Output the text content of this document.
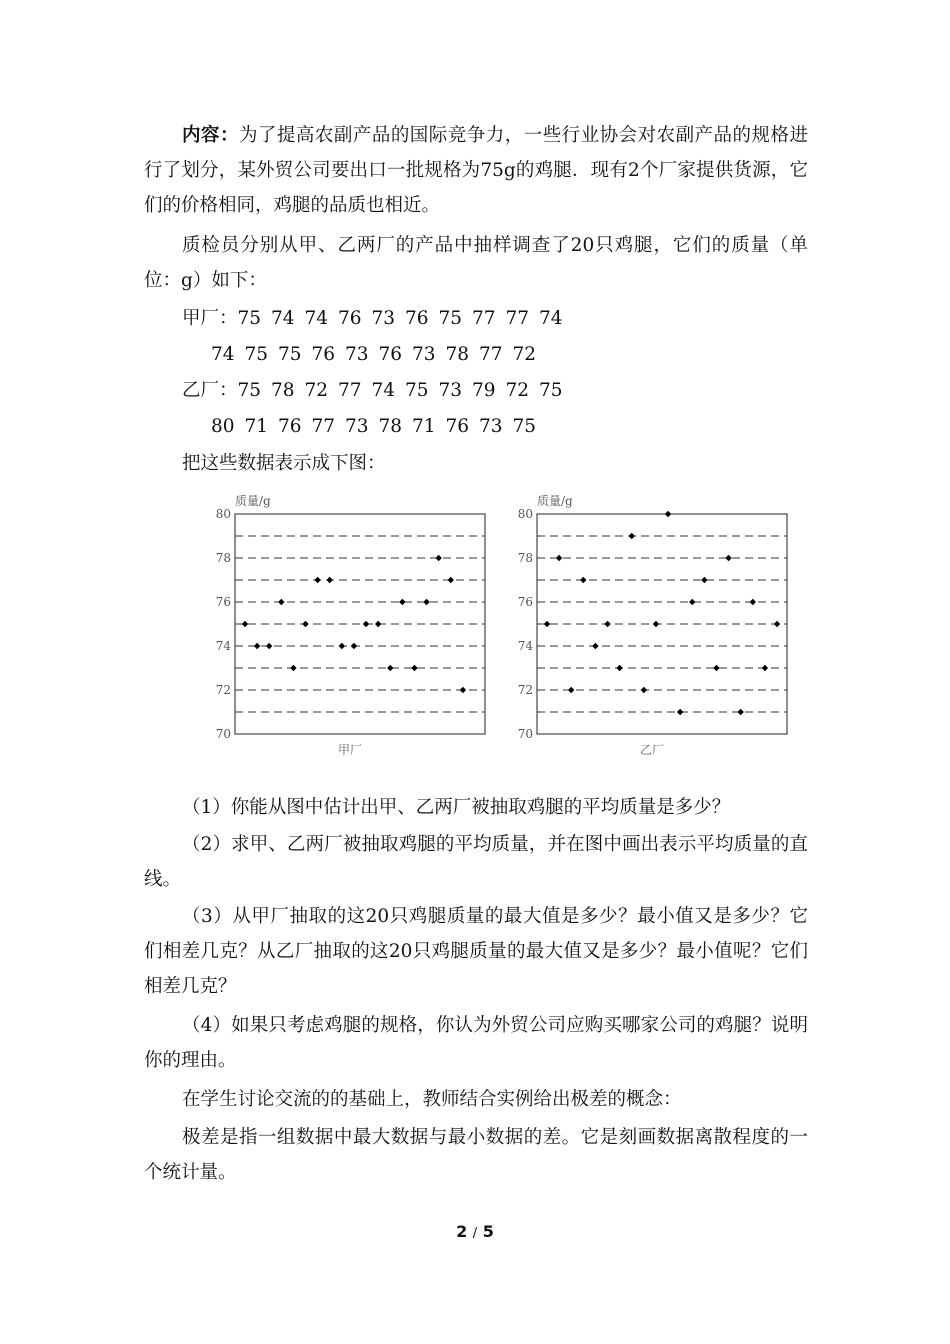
内容：为了提高农副产品的国际竞争力，一些行业协会对农副产品的规格进行了划分，某外贸公司要出口一批规格为75g的鸡腿．现有2个厂家提供货源，它们的价格相同，鸡腿的品质也相近。

质检员分别从甲、乙两厂的产品中抽样调查了20只鸡腿，它们的质量（单位：g）如下：

甲厂：75 74 74 76 73 76 75 77 77 74
74 75 75 76 73 76 73 78 77 72
乙厂：75 78 72 77 74 75 73 79 72 75
80 71 76 77 73 78 71 76 73 75
把这些数据表示成下图：
70
72
74
76
78
80
质量/g
甲厂
70
72
74
76
78
80
质量/g
乙厂

（1）你能从图中估计出甲、乙两厂被抽取鸡腿的平均质量是多少？

（2）求甲、乙两厂被抽取鸡腿的平均质量，并在图中画出表示平均质量的直线。

（3）从甲厂抽取的这20只鸡腿质量的最大值是多少？最小值又是多少？它们相差几克？从乙厂抽取的这20只鸡腿质量的最大值又是多少？最小值呢？它们相差几克？

（4）如果只考虑鸡腿的规格，你认为外贸公司应购买哪家公司的鸡腿？说明你的理由。

在学生讨论交流的的基础上，教师结合实例给出极差的概念：

极差是指一组数据中最大数据与最小数据的差。它是刻画数据离散程度的一个统计量。

2 / 5
